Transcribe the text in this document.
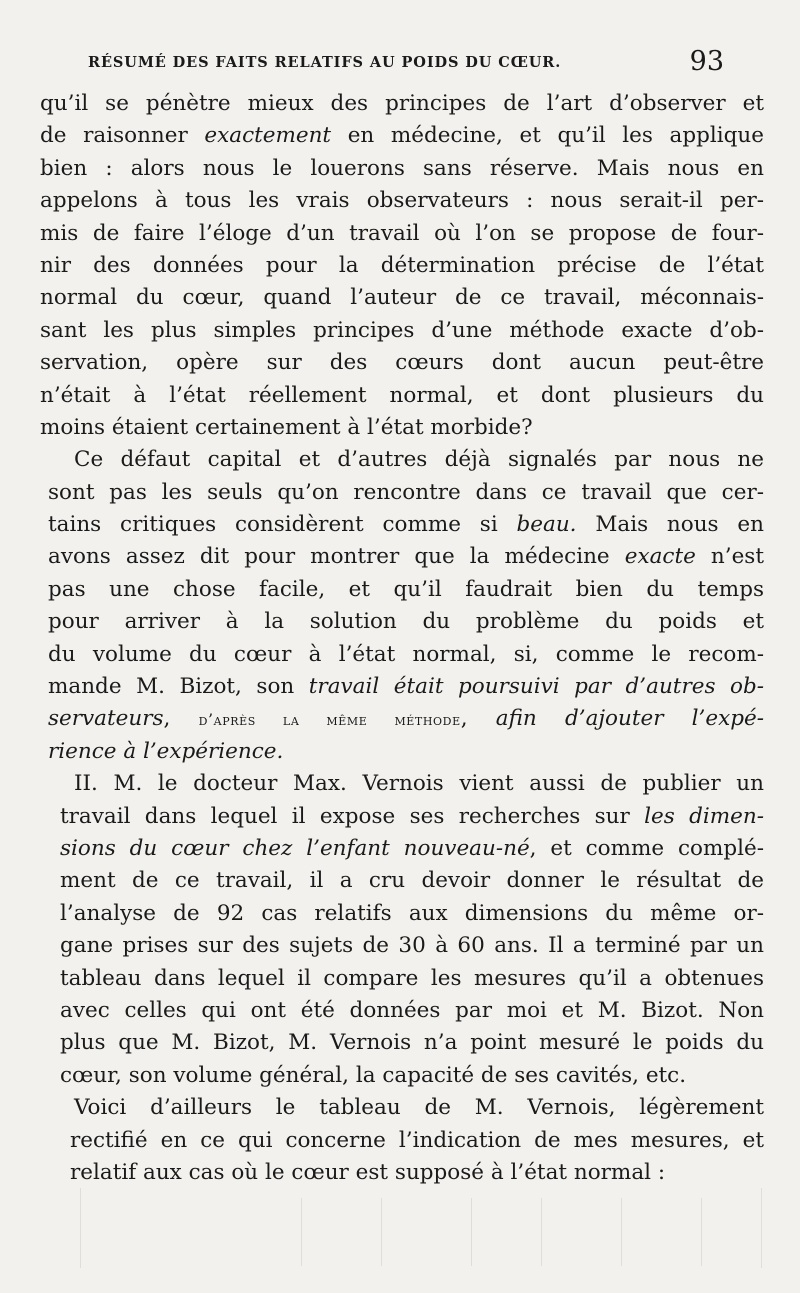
RÉSUMÉ DES FAITS RELATIFS AU POIDS DU CŒUR.	93
qu’il se pénètre mieux des principes de l’art d’observer et
de raisonner exactement en médecine, et qu’il les applique
bien : alors nous le louerons sans réserve. Mais nous en
appelons à tous les vrais observateurs : nous serait-il per-
mis de faire l’éloge d’un travail où l’on se propose de four-
nir des données pour la détermination précise de l’état
normal du cœur, quand l’auteur de ce travail, méconnais-
sant les plus simples principes d’une méthode exacte d’ob-
servation, opère sur des cœurs dont aucun peut-être
n’était à l’état réellement normal, et dont plusieurs du
moins étaient certainement à l’état morbide?
Ce défaut capital et d’autres déjà signalés par nous ne
sont pas les seuls qu’on rencontre dans ce travail que cer-
tains critiques considèrent comme si beau. Mais nous en
avons assez dit pour montrer que la médecine exacte n’est
pas une chose facile, et qu’il faudrait bien du temps
pour arriver à la solution du problème du poids et
du volume du cœur à l’état normal, si, comme le recom-
mande M. Bizot, son travail était poursuivi par d’autres ob-
servateurs, d’après la même méthode, afin d’ajouter l’expé-
rience à l’expérience.
II. M. le docteur Max. Vernois vient aussi de publier un
travail dans lequel il expose ses recherches sur les dimen-
sions du cœur chez l’enfant nouveau-né, et comme complé-
ment de ce travail, il a cru devoir donner le résultat de
l’analyse de 92 cas relatifs aux dimensions du même or-
gane prises sur des sujets de 30 à 60 ans. Il a terminé par un
tableau dans lequel il compare les mesures qu’il a obtenues
avec celles qui ont été données par moi et M. Bizot. Non
plus que M. Bizot, M. Vernois n’a point mesuré le poids du
cœur, son volume général, la capacité de ses cavités, etc.
Voici d’ailleurs le tableau de M. Vernois, légèrement
rectifié en ce qui concerne l’indication de mes mesures, et
relatif aux cas où le cœur est supposé à l’état normal :
